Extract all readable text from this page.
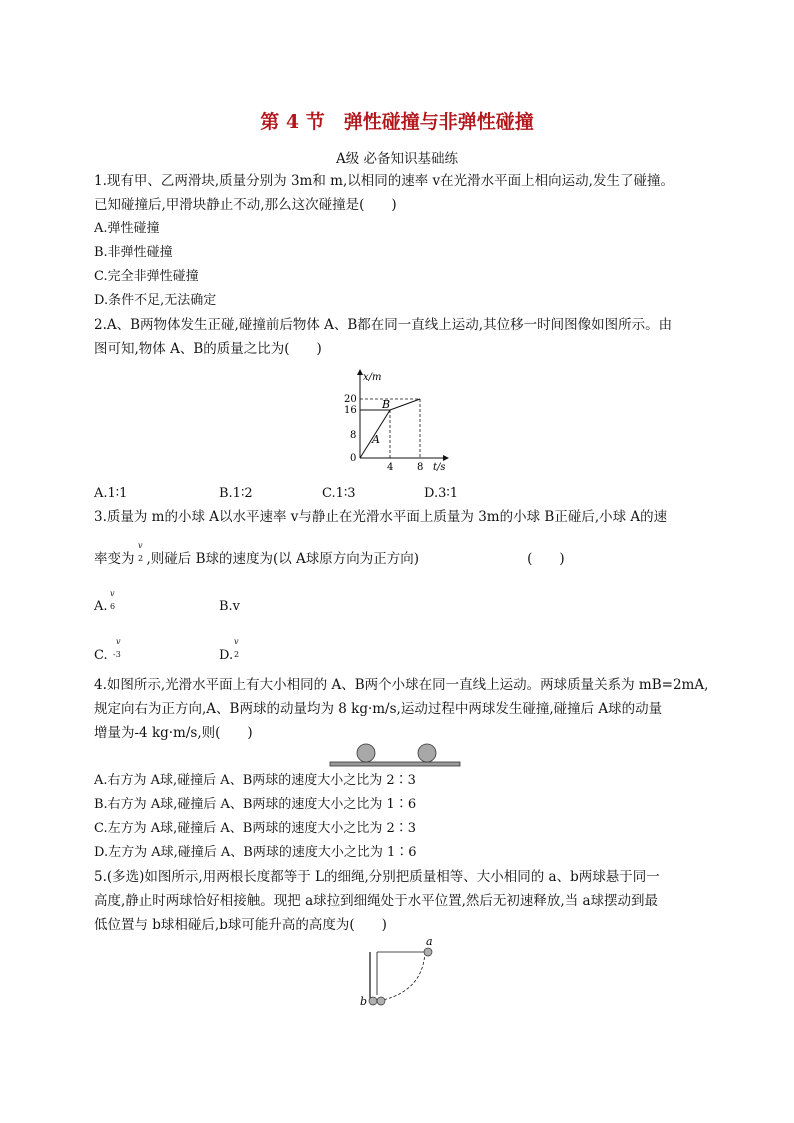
第 4 节　弹性碰撞与非弹性碰撞
A级 必备知识基础练
1.现有甲、乙两滑块,质量分别为 3m和 m,以相同的速率 v在光滑水平面上相向运动,发生了碰撞。
已知碰撞后,甲滑块静止不动,那么这次碰撞是(　　)
A.弹性碰撞
B.非弹性碰撞
C.完全非弹性碰撞
D.条件不足,无法确定
2.A、B两物体发生正碰,碰撞前后物体 A、B都在同一直线上运动,其位移一时间图像如图所示。由
图可知,物体 A、B的质量之比为(　　)
x/m
t/s
20
16
8
0
4 8
A
B
A.1∶1	B.1∶2	C.1∶3	D.3∶1
3.质量为 m的小球 A以水平速率 v与静止在光滑水平面上质量为 3m的小球 B正碰后,小球 A的速
率变为 ,则碰后 B球的速度为(以 A球原方向为正方向)　　　　　　　　(　　)
v
2
A.
v
6	B.v
C.
v
-3	D.
v
2
4.如图所示,光滑水平面上有大小相同的 A、B两个小球在同一直线上运动。两球质量关系为 mB=2mA,
规定向右为正方向,A、B两球的动量均为 8 kg·m/s,运动过程中两球发生碰撞,碰撞后 A球的动量
增量为-4 kg·m/s,则(　　)
A.右方为 A球,碰撞后 A、B两球的速度大小之比为 2∶3
B.右方为 A球,碰撞后 A、B两球的速度大小之比为 1∶6
C.左方为 A球,碰撞后 A、B两球的速度大小之比为 2∶3
D.左方为 A球,碰撞后 A、B两球的速度大小之比为 1∶6
5.(多选)如图所示,用两根长度都等于 L的细绳,分别把质量相等、大小相同的 a、b两球悬于同一
高度,静止时两球恰好相接触。现把 a球拉到细绳处于水平位置,然后无初速释放,当 a球摆动到最
低位置与 b球相碰后,b球可能升高的高度为(　　)
a
b
